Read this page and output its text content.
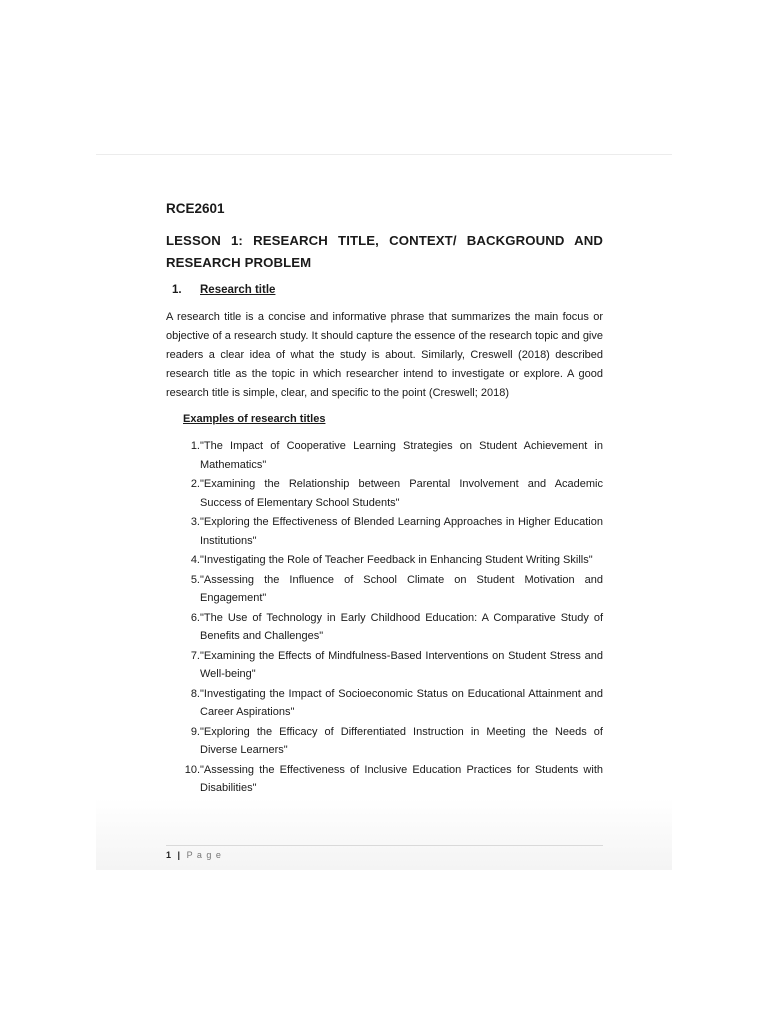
RCE2601
LESSON 1: RESEARCH TITLE, CONTEXT/ BACKGROUND AND RESEARCH PROBLEM
1.	Research title

A research title is a concise and informative phrase that summarizes the main focus or objective of a research study. It should capture the essence of the research topic and give readers a clear idea of what the study is about. Similarly, Creswell (2018) described research title as the topic in which researcher intend to investigate or explore. A good research title is simple, clear, and specific to the point (Creswell; 2018)

Examples of research titles
1. "The Impact of Cooperative Learning Strategies on Student Achievement in Mathematics"
2. "Examining the Relationship between Parental Involvement and Academic Success of Elementary School Students"
3. "Exploring the Effectiveness of Blended Learning Approaches in Higher Education Institutions"
4. "Investigating the Role of Teacher Feedback in Enhancing Student Writing Skills"
5. "Assessing the Influence of School Climate on Student Motivation and Engagement"
6. "The Use of Technology in Early Childhood Education: A Comparative Study of Benefits and Challenges"
7. "Examining the Effects of Mindfulness-Based Interventions on Student Stress and Well-being"
8. "Investigating the Impact of Socioeconomic Status on Educational Attainment and Career Aspirations"
9. "Exploring the Efficacy of Differentiated Instruction in Meeting the Needs of Diverse Learners"
10. "Assessing the Effectiveness of Inclusive Education Practices for Students with Disabilities"
1 | P a g e
